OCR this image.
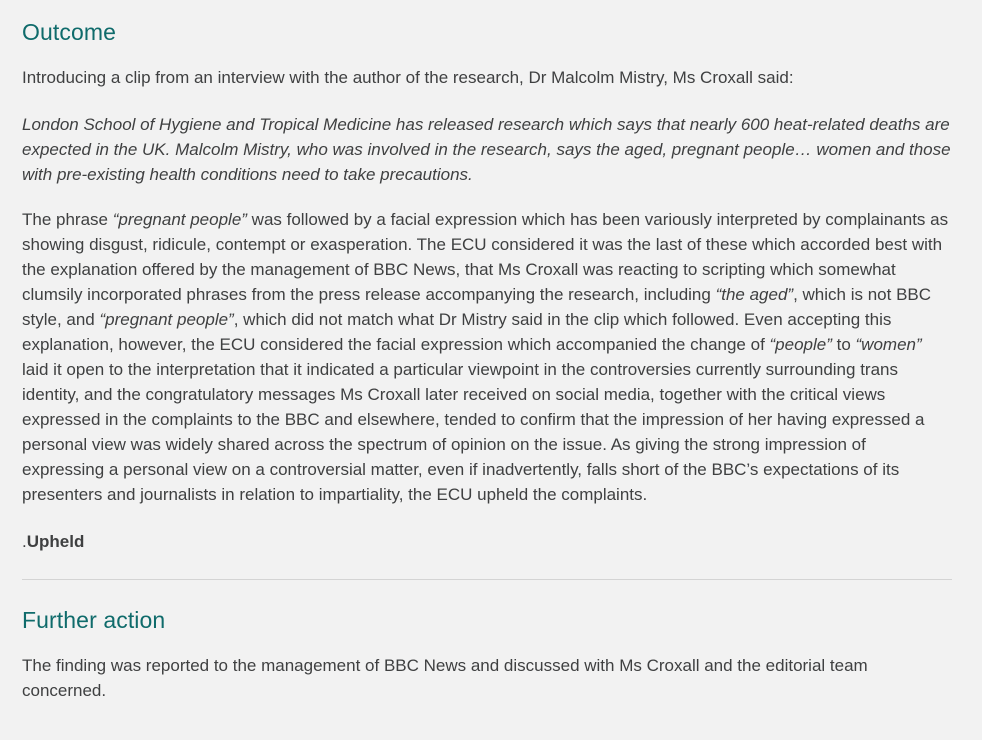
Outcome

Introducing a clip from an interview with the author of the research, Dr Malcolm Mistry, Ms Croxall said:

London School of Hygiene and Tropical Medicine has released research which says that nearly 600 heat-related deaths are expected in the UK. Malcolm Mistry, who was involved in the research, says the aged, pregnant people… women and those with pre-existing health conditions need to take precautions.

The phrase “pregnant people” was followed by a facial expression which has been variously interpreted by complainants as showing disgust, ridicule, contempt or exasperation. The ECU considered it was the last of these which accorded best with the explanation offered by the management of BBC News, that Ms Croxall was reacting to scripting which somewhat clumsily incorporated phrases from the press release accompanying the research, including “the aged”, which is not BBC style, and “pregnant people”, which did not match what Dr Mistry said in the clip which followed. Even accepting this explanation, however, the ECU considered the facial expression which accompanied the change of “people” to “women” laid it open to the interpretation that it indicated a particular viewpoint in the controversies currently surrounding trans identity, and the congratulatory messages Ms Croxall later received on social media, together with the critical views expressed in the complaints to the BBC and elsewhere, tended to confirm that the impression of her having expressed a personal view was widely shared across the spectrum of opinion on the issue. As giving the strong impression of expressing a personal view on a controversial matter, even if inadvertently, falls short of the BBC’s expectations of its presenters and journalists in relation to impartiality, the ECU upheld the complaints.

.Upheld

Further action

The finding was reported to the management of BBC News and discussed with Ms Croxall and the editorial team concerned.
